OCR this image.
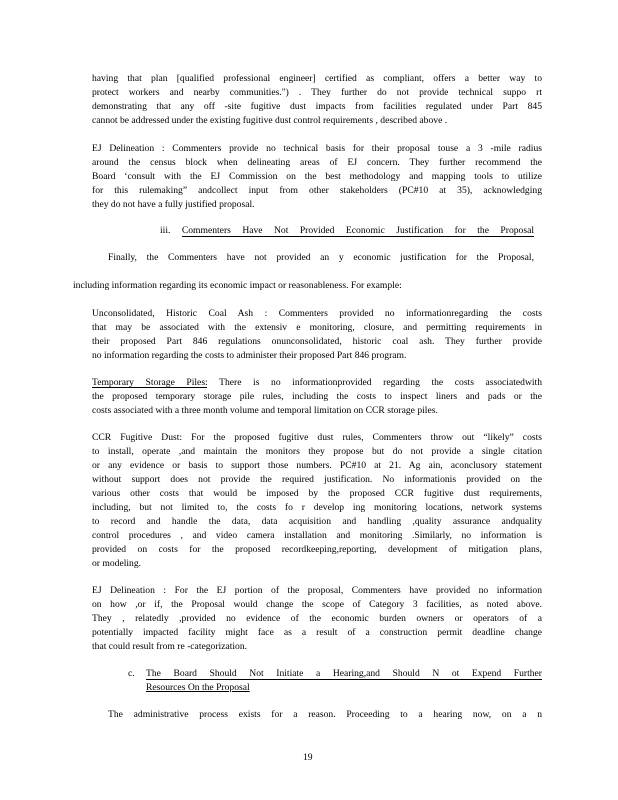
having that plan [qualified professional engineer] certified as compliant, offers a better way to
protect workers and nearby communities.") . They further do not provide technical suppo rt
demonstrating that any off -site fugitive dust impacts from facilities regulated under Part 845
cannot be addressed under the existing fugitive dust control requirements , described above .
EJ Delineation : Commenters provide no technical basis for their proposal touse a 3 -mile radius
around the census block when delineating areas of EJ concern. They further recommend the
Board ‘consult with the EJ Commission on the best methodology and mapping tools to utilize
for this rulemaking” andcollect input from other stakeholders (PC#10 at 35), acknowledging
they do not have a fully justified proposal.
iii. Commenters Have Not Provided Economic Justification for the Proposal
Finally, the Commenters have not provided an y economic justification for the Proposal,
including information regarding its economic impact or reasonableness. For example:
Unconsolidated, Historic Coal Ash : Commenters provided no informationregarding the costs
that may be associated with the extensiv e monitoring, closure, and permitting requirements in
their proposed Part 846 regulations onunconsolidated, historic coal ash. They further provide
no information regarding the costs to administer their proposed Part 846 program.
Temporary Storage Piles: There is no informationprovided regarding the costs associatedwith
the proposed temporary storage pile rules, including the costs to inspect liners and pads or the
costs associated with a three month volume and temporal limitation on CCR storage piles.
CCR Fugitive Dust: For the proposed fugitive dust rules, Commenters throw out “likely” costs
to install, operate ,and maintain the monitors they propose but do not provide a single citation
or any evidence or basis to support those numbers. PC#10 at 21. Ag ain, aconclusory statement
without support does not provide the required justification. No informationis provided on the
various other costs that would be imposed by the proposed CCR fugitive dust requirements,
including, but not limited to, the costs fo r develop ing monitoring locations, network systems
to record and handle the data, data acquisition and handling ,quality assurance andquality
control procedures , and video camera installation and monitoring .Similarly, no information is
provided on costs for the proposed recordkeeping,reporting, development of mitigation plans,
or modeling.
EJ Delineation : For the EJ portion of the proposal, Commenters have provided no information
on how ,or if, the Proposal would change the scope of Category 3 facilities, as noted above.
They , relatedly ,provided no evidence of the economic burden owners or operators of a
potentially impacted facility might face as a result of a construction permit deadline change
that could result from re -categorization.
c. The Board Should Not Initiate a Hearing,and Should N ot Expend Further
Resources On the Proposal
The administrative process exists for a reason. Proceeding to a hearing now, on a n
19
